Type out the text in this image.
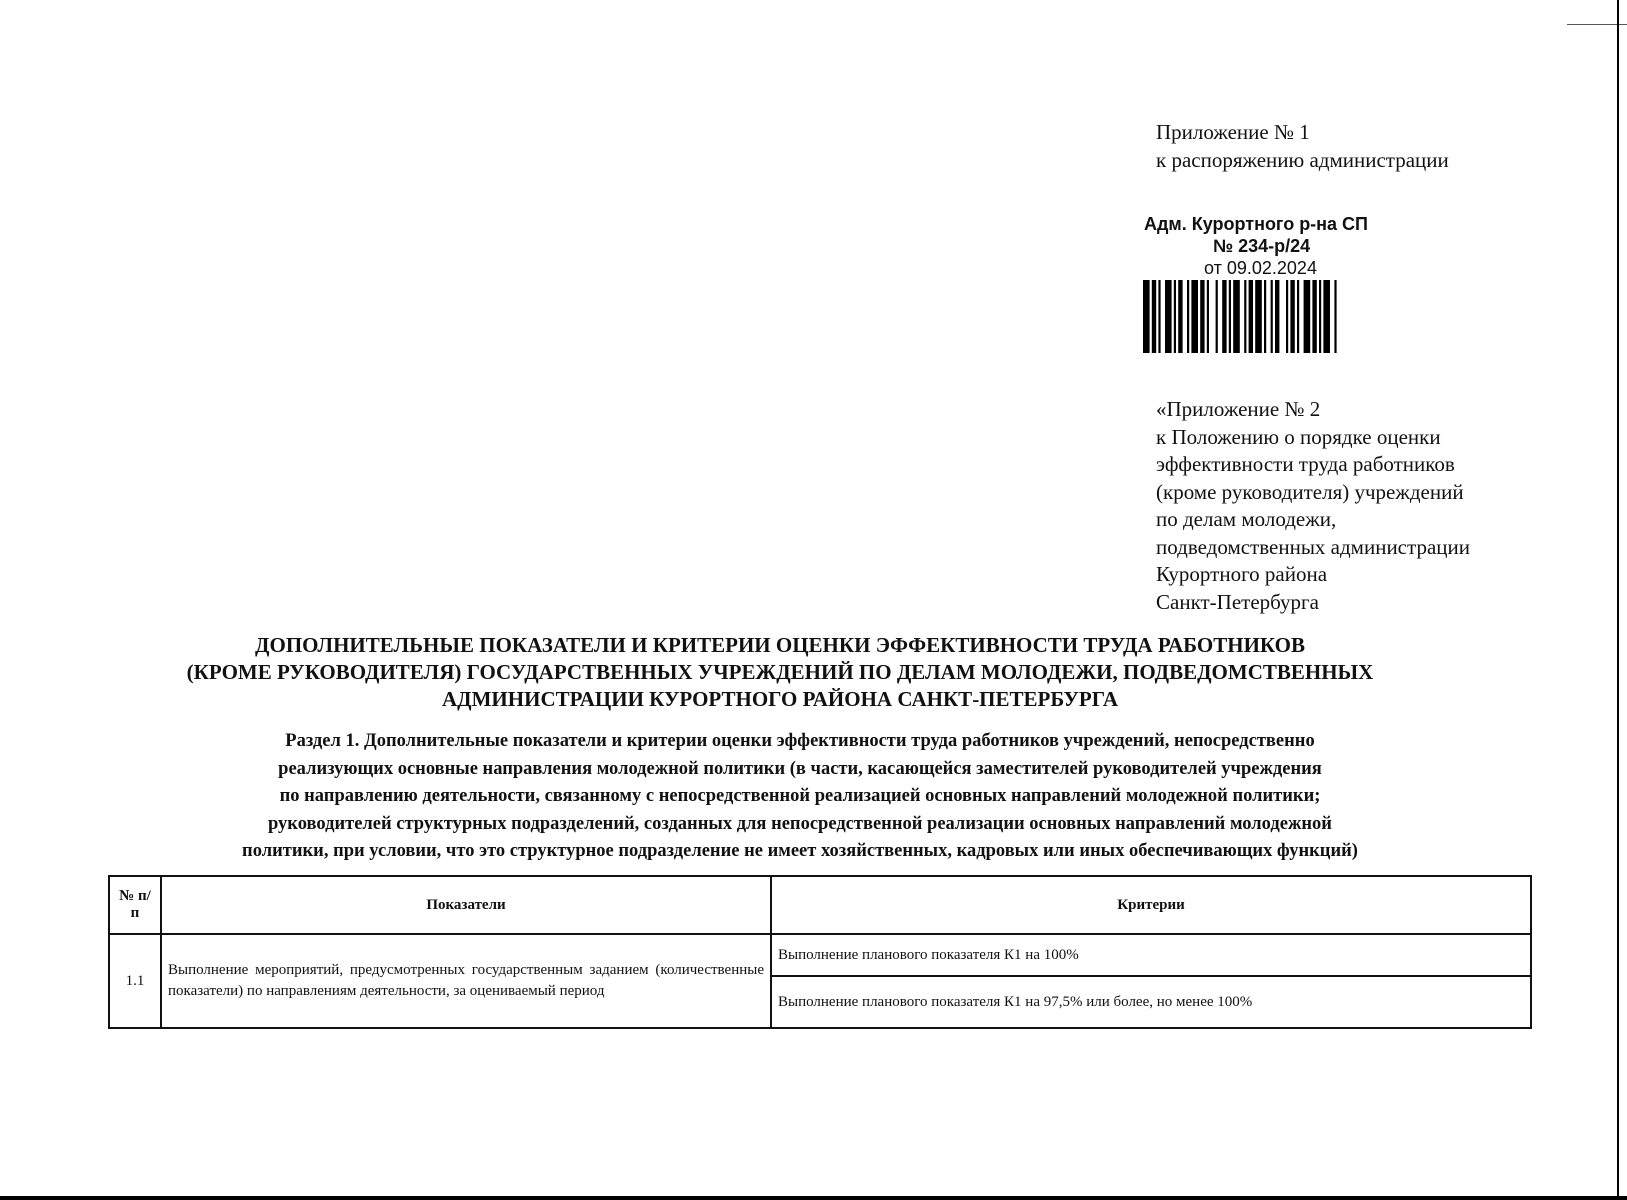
Приложение № 1
к распоряжению администрации
Адм. Курортного р-на СП
№ 234-р/24
от 09.02.2024
«Приложение № 2
к Положению о порядке оценки
эффективности труда работников
(кроме руководителя) учреждений
по делам молодежи,
подведомственных администрации
Курортного района
Санкт-Петербурга
ДОПОЛНИТЕЛЬНЫЕ ПОКАЗАТЕЛИ И КРИТЕРИИ ОЦЕНКИ ЭФФЕКТИВНОСТИ ТРУДА РАБОТНИКОВ
(КРОМЕ РУКОВОДИТЕЛЯ) ГОСУДАРСТВЕННЫХ УЧРЕЖДЕНИЙ ПО ДЕЛАМ МОЛОДЕЖИ, ПОДВЕДОМСТВЕННЫХ
АДМИНИСТРАЦИИ КУРОРТНОГО РАЙОНА САНКТ-ПЕТЕРБУРГА
Раздел 1. Дополнительные показатели и критерии оценки эффективности труда работников учреждений, непосредственно
реализующих основные направления молодежной политики (в части, касающейся заместителей руководителей учреждения
по направлению деятельности, связанному с непосредственной реализацией основных направлений молодежной политики;
руководителей структурных подразделений, созданных для непосредственной реализации основных направлений молодежной
политики, при условии, что это структурное подразделение не имеет хозяйственных, кадровых или иных обеспечивающих функций)
№ п/п	Показатели	Критерии
1.1	Выполнение мероприятий, предусмотренных государственным заданием (количественные показатели) по направлениям деятельности, за оцениваемый период	Выполнение планового показателя К1 на 100%
		Выполнение планового показателя К1 на 97,5% или более, но менее 100%
